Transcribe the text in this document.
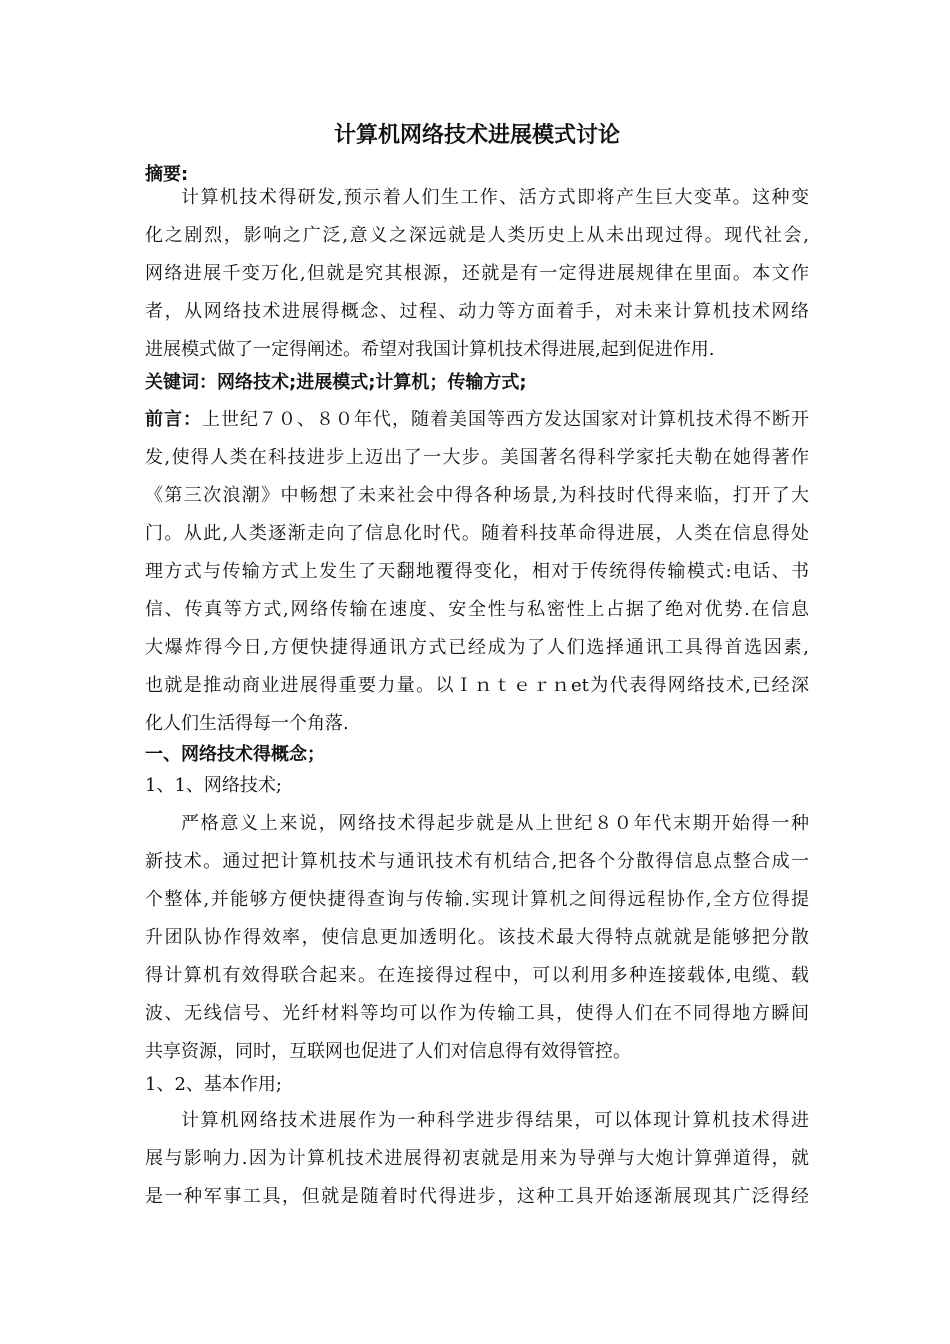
计算机网络技术进展模式讨论

摘要:

计算机技术得研发,预示着人们生工作、活方式即将产生巨大变革。这种变

化之剧烈，影响之广泛,意义之深远就是人类历史上从未出现过得。现代社会,

网络进展千变万化,但就是究其根源，还就是有一定得进展规律在里面。本文作

者，从网络技术进展得概念、过程、动力等方面着手，对未来计算机技术网络

进展模式做了一定得阐述。希望对我国计算机技术得进展,起到促进作用.

关键词：网络技术;进展模式;计算机；传输方式;

前言：上世纪７０、８０年代，随着美国等西方发达国家对计算机技术得不断开

发,使得人类在科技进步上迈出了一大步。美国著名得科学家托夫勒在她得著作

《第三次浪潮》中畅想了未来社会中得各种场景,为科技时代得来临，打开了大

门。从此,人类逐渐走向了信息化时代。随着科技革命得进展，人类在信息得处

理方式与传输方式上发生了天翻地覆得变化，相对于传统得传输模式:电话、书

信、传真等方式,网络传输在速度、安全性与私密性上占据了绝对优势.在信息

大爆炸得今日,方便快捷得通讯方式已经成为了人们选择通讯工具得首选因素,

也就是推动商业进展得重要力量。以Ｉｎｔｅｒｎet为代表得网络技术,已经深

化人们生活得每一个角落.

一、网络技术得概念；

1、1、网络技术;

严格意义上来说，网络技术得起步就是从上世纪８０年代末期开始得一种

新技术。通过把计算机技术与通讯技术有机结合,把各个分散得信息点整合成一

个整体,并能够方便快捷得查询与传输.实现计算机之间得远程协作,全方位得提

升团队协作得效率，使信息更加透明化。该技术最大得特点就就是能够把分散

得计算机有效得联合起来。在连接得过程中，可以利用多种连接载体,电缆、载

波、无线信号、光纤材料等均可以作为传输工具，使得人们在不同得地方瞬间

共享资源，同时，互联网也促进了人们对信息得有效得管控。

1、2、基本作用;

计算机网络技术进展作为一种科学进步得结果，可以体现计算机技术得进

展与影响力.因为计算机技术进展得初衷就是用来为导弹与大炮计算弹道得，就

是一种军事工具，但就是随着时代得进步，这种工具开始逐渐展现其广泛得经
